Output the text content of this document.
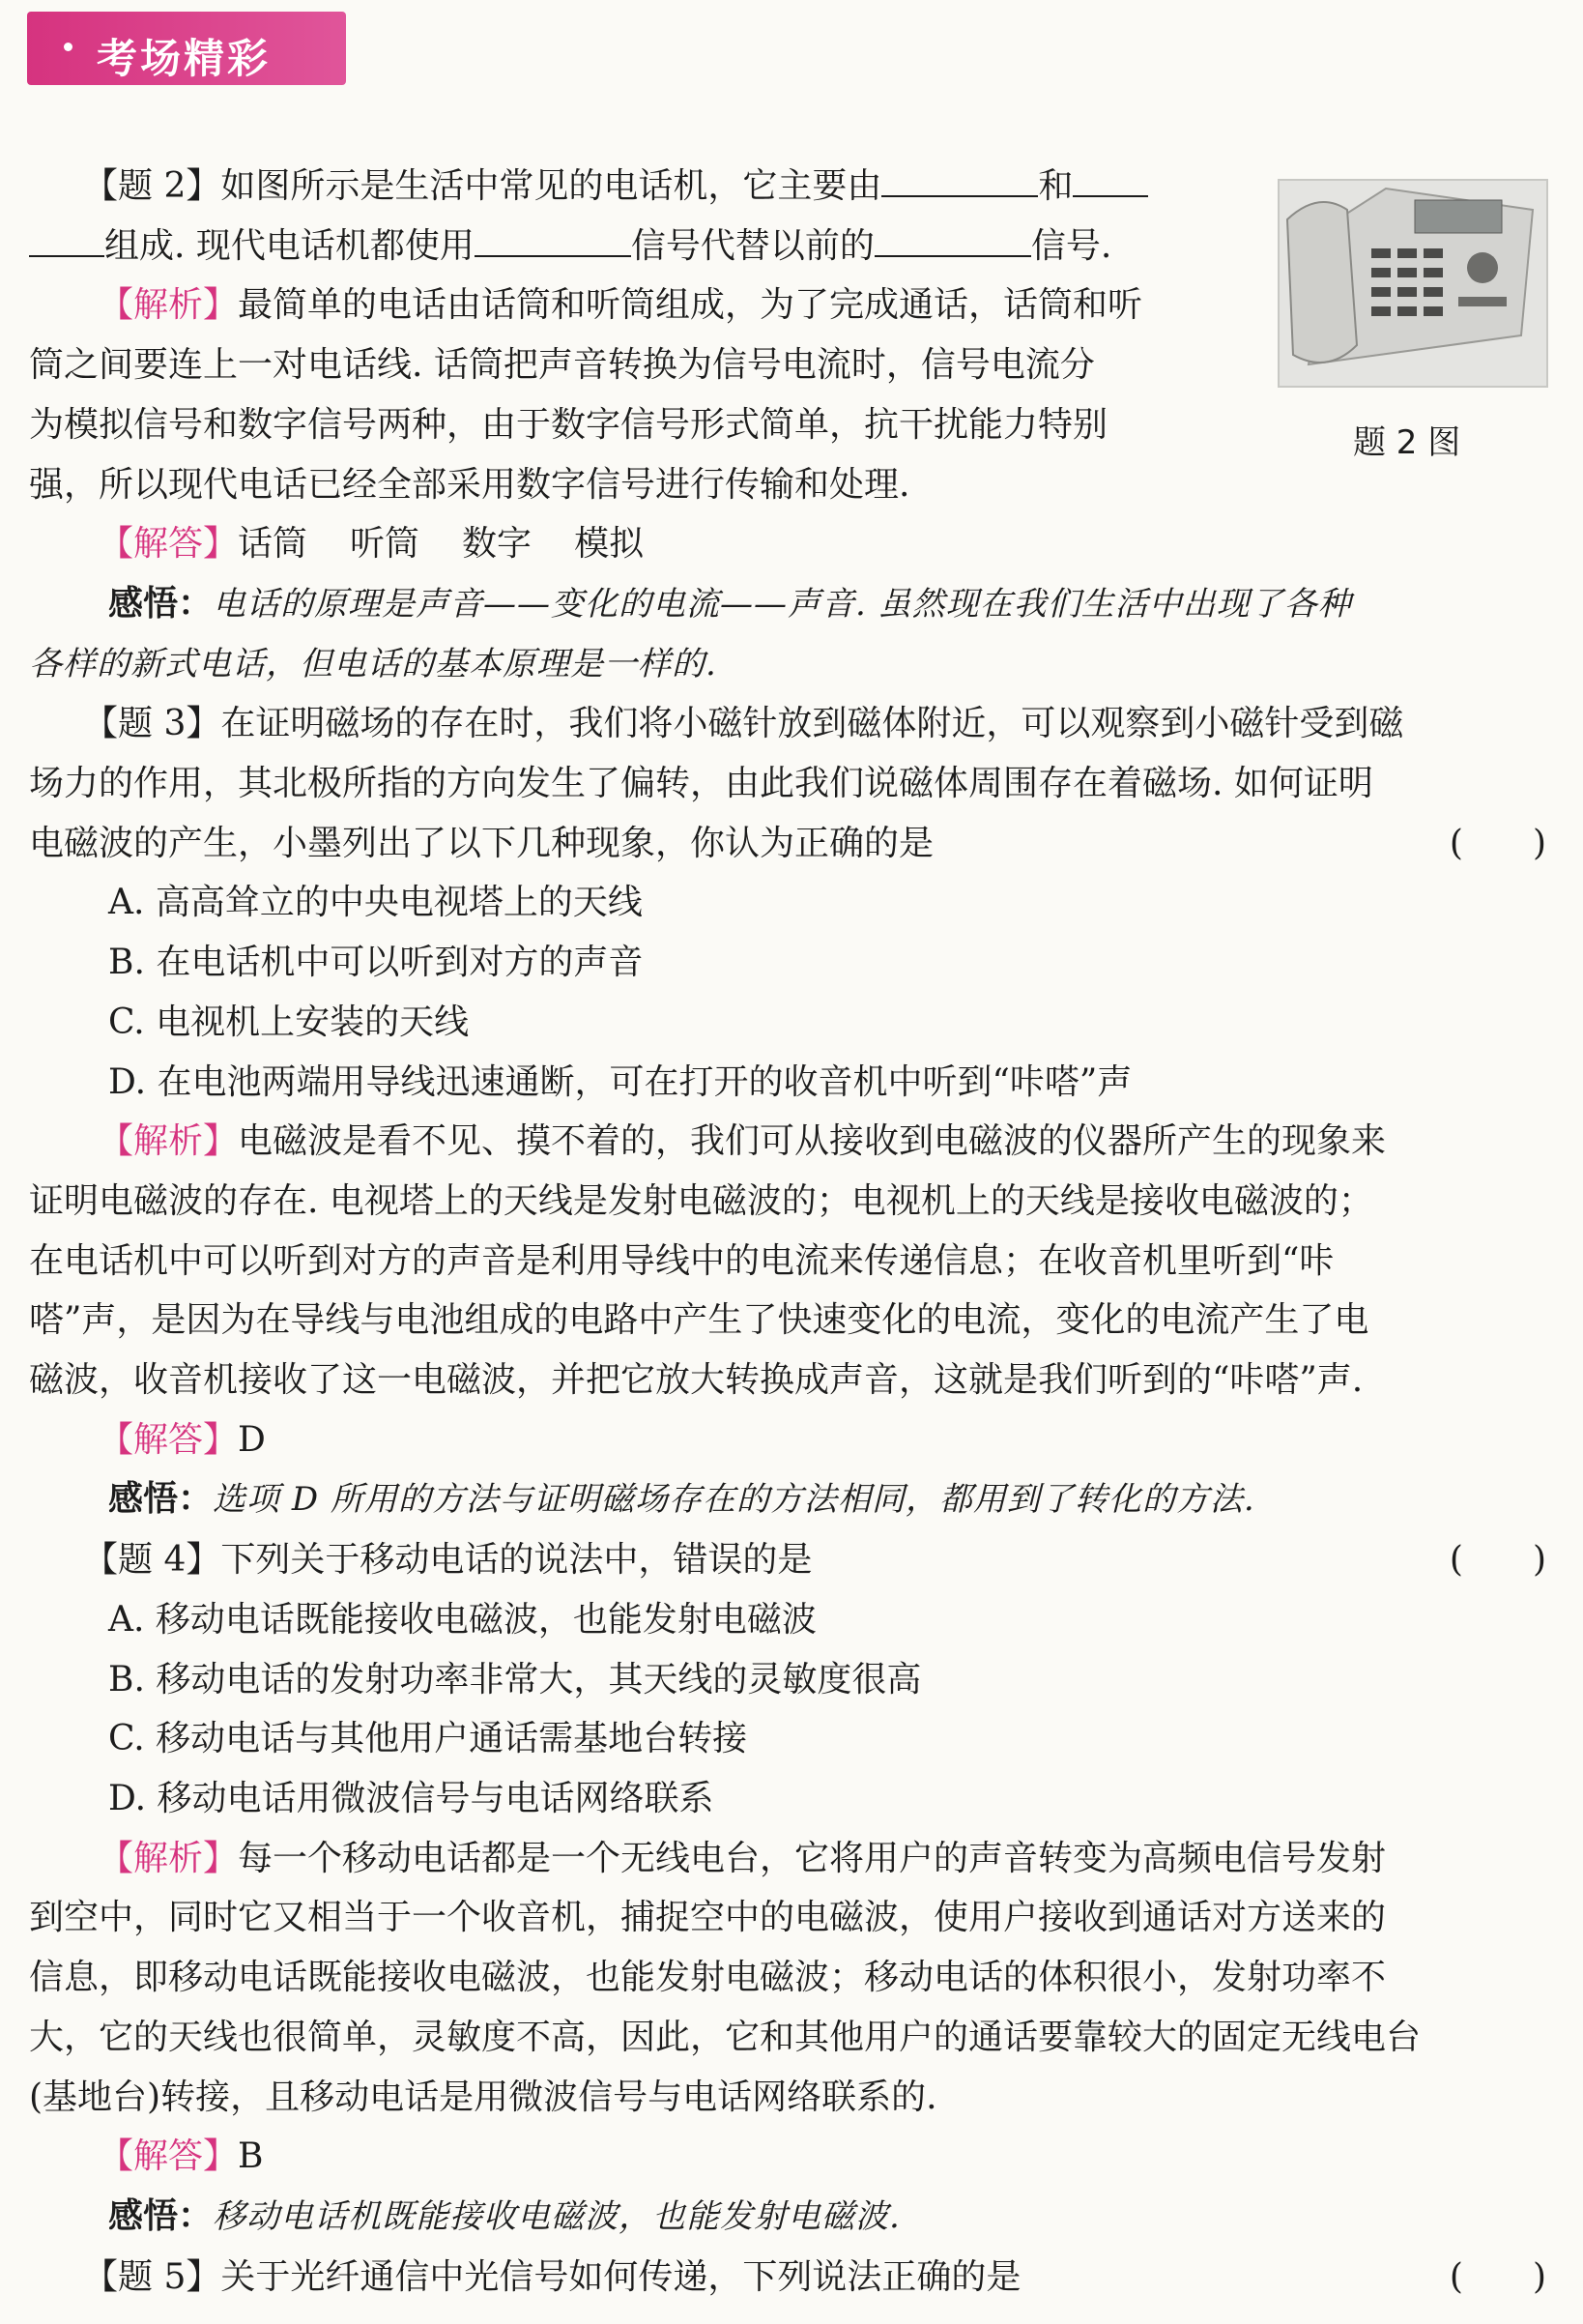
考场精彩
题 2 图

【题 2】如图所示是生活中常见的电话机，它主要由	和

组成. 现代电话机都使用	信号代替以前的	信号.

【解析】最简单的电话由话筒和听筒组成，为了完成通话，话筒和听

筒之间要连上一对电话线. 话筒把声音转换为信号电流时，信号电流分

为模拟信号和数字信号两种，由于数字信号形式简单，抗干扰能力特别

强，所以现代电话已经全部采用数字信号进行传输和处理.

【解答】话筒 听筒 数字 模拟

感悟：电话的原理是声音——变化的电流——声音. 虽然现在我们生活中出现了各种

各样的新式电话，但电话的基本原理是一样的.

【题 3】在证明磁场的存在时，我们将小磁针放到磁体附近，可以观察到小磁针受到磁

场力的作用，其北极所指的方向发生了偏转，由此我们说磁体周围存在着磁场. 如何证明

电磁波的产生，小墨列出了以下几种现象，你认为正确的是	(　　)

A. 高高耸立的中央电视塔上的天线

B. 在电话机中可以听到对方的声音

C. 电视机上安装的天线

D. 在电池两端用导线迅速通断，可在打开的收音机中听到“咔嗒”声

【解析】电磁波是看不见、摸不着的，我们可从接收到电磁波的仪器所产生的现象来

证明电磁波的存在. 电视塔上的天线是发射电磁波的；电视机上的天线是接收电磁波的；

在电话机中可以听到对方的声音是利用导线中的电流来传递信息；在收音机里听到“咔

嗒”声，是因为在导线与电池组成的电路中产生了快速变化的电流，变化的电流产生了电

磁波，收音机接收了这一电磁波，并把它放大转换成声音，这就是我们听到的“咔嗒”声.

【解答】D

感悟：选项 D 所用的方法与证明磁场存在的方法相同，都用到了转化的方法.

【题 4】下列关于移动电话的说法中，错误的是	(　　)

A. 移动电话既能接收电磁波，也能发射电磁波

B. 移动电话的发射功率非常大，其天线的灵敏度很高

C. 移动电话与其他用户通话需基地台转接

D. 移动电话用微波信号与电话网络联系

【解析】每一个移动电话都是一个无线电台，它将用户的声音转变为高频电信号发射

到空中，同时它又相当于一个收音机，捕捉空中的电磁波，使用户接收到通话对方送来的

信息，即移动电话既能接收电磁波，也能发射电磁波；移动电话的体积很小，发射功率不

大，它的天线也很简单，灵敏度不高，因此，它和其他用户的通话要靠较大的固定无线电台

(基地台)转接，且移动电话是用微波信号与电话网络联系的.

【解答】B

感悟：移动电话机既能接收电磁波，也能发射电磁波.

【题 5】关于光纤通信中光信号如何传递，下列说法正确的是	(　　)
